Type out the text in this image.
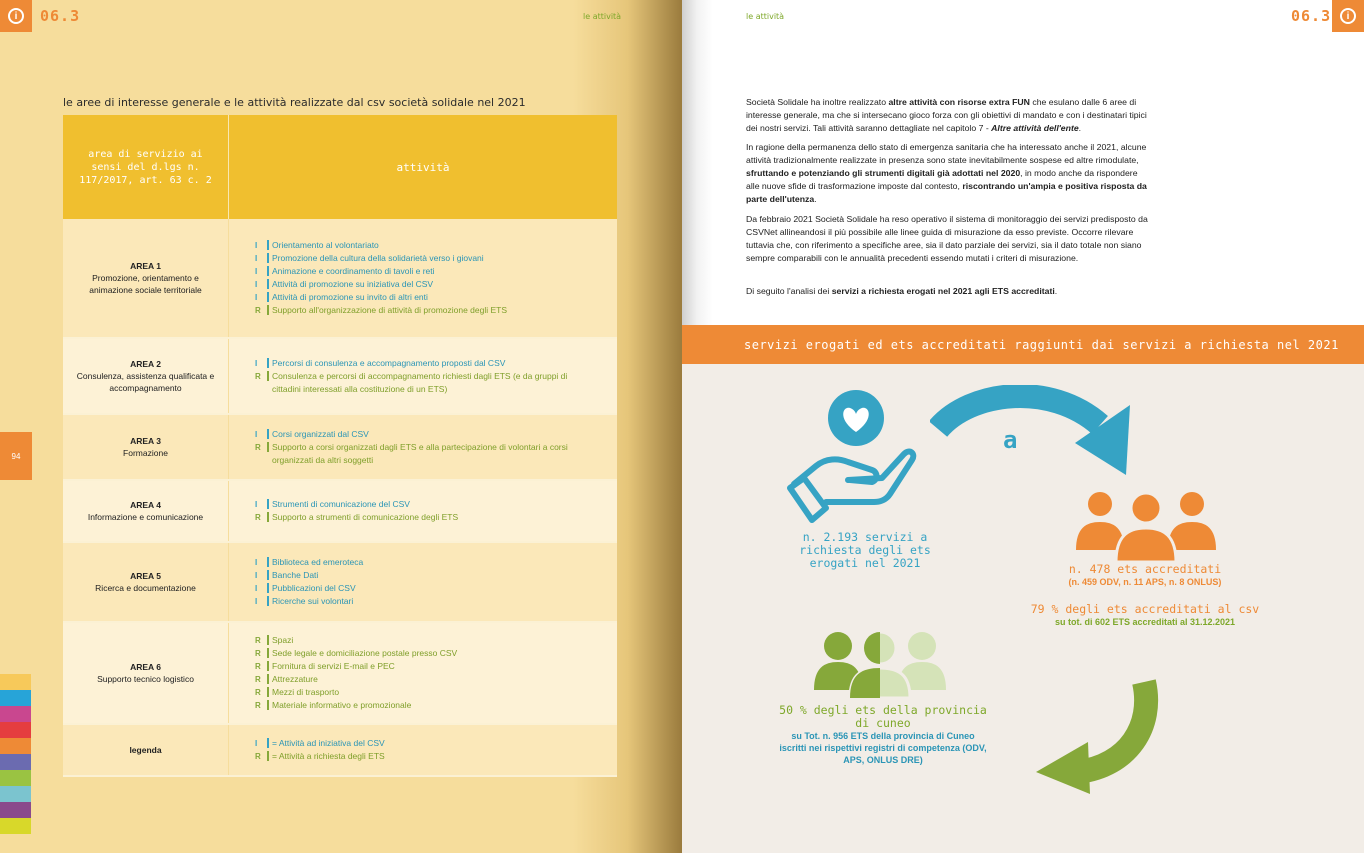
i	06.3	le attività
94
le aree di interesse generale e le attività realizzate dal csv società solidale nel 2021
area di servizio ai sensi del d.lgs n. 117/2017, art. 63 c. 2
attività
AREA 1
Promozione, orientamento e animazione sociale territoriale
I	Orientamento al volontariato
I	Promozione della cultura della solidarietà verso i giovani
I	Animazione e coordinamento di tavoli e reti
I	Attività di promozione su iniziativa del CSV
I	Attività di promozione su invito di altri enti
R	Supporto all'organizzazione di attività di promozione degli ETS
AREA 2
Consulenza, assistenza qualificata e accompagnamento
I	Percorsi di consulenza e accompagnamento proposti dal CSV
R	Consulenza e percorsi di accompagnamento richiesti dagli ETS (e da gruppi di cittadini interessati alla costituzione di un ETS)
AREA 3
Formazione
I	Corsi organizzati dal CSV
R	Supporto a corsi organizzati dagli ETS e alla partecipazione di volontari a corsi organizzati da altri soggetti
AREA 4
Informazione e comunicazione
I	Strumenti di comunicazione del CSV
R	Supporto a strumenti di comunicazione degli ETS
AREA 5
Ricerca e documentazione
I	Biblioteca ed emeroteca
I	Banche Dati
I	Pubblicazioni del CSV
I	Ricerche sui volontari
AREA 6
Supporto tecnico logistico
R	Spazi
R	Sede legale e domiciliazione postale presso CSV
R	Fornitura di servizi E-mail e PEC
R	Attrezzature
R	Mezzi di trasporto
R	Materiale informativo e promozionale
legenda
I	= Attività ad iniziativa del CSV
R	= Attività a richiesta degli ETS
le attività	06.3	i
Società Solidale ha inoltre realizzato altre attività con risorse extra FUN che esulano dalle 6 aree di interesse generale, ma che si intersecano gioco forza con gli obiettivi di mandato e con i destinatari tipici dei nostri servizi. Tali attività saranno dettagliate nel capitolo 7 - Altre attività dell'ente.
In ragione della permanenza dello stato di emergenza sanitaria che ha interessato anche il 2021, alcune attività tradizionalmente realizzate in presenza sono state inevitabilmente sospese ed altre rimodulate, sfruttando e potenziando gli strumenti digitali già adottati nel 2020, in modo anche da rispondere alle nuove sfide di trasformazione imposte dal contesto, riscontrando un'ampia e positiva risposta da parte dell'utenza.
Da febbraio 2021 Società Solidale ha reso operativo il sistema di monitoraggio dei servizi predisposto da CSVNet allineandosi il più possibile alle linee guida di misurazione da esso previste. Occorre rilevare tuttavia che, con riferimento a specifiche aree, sia il dato parziale dei servizi, sia il dato totale non siano sempre comparabili con le annualità precedenti essendo mutati i criteri di misurazione.
Di seguito l'analisi dei servizi a richiesta erogati nel 2021 agli ETS accreditati.
servizi erogati ed ets accreditati raggiunti dai servizi a richiesta nel 2021
a
n. 2.193 servizi a richiesta degli ets erogati nel 2021	n. 478 ets accreditati
(n. 459 ODV, n. 11 APS, n. 8 ONLUS)
79 % degli ets accreditati al csv
su tot. di 602 ETS accreditati al 31.12.2021
50 % degli ets della provincia di cuneo
su Tot. n. 956 ETS della provincia di Cuneo iscritti nei rispettivi registri di competenza (ODV, APS, ONLUS DRE)
